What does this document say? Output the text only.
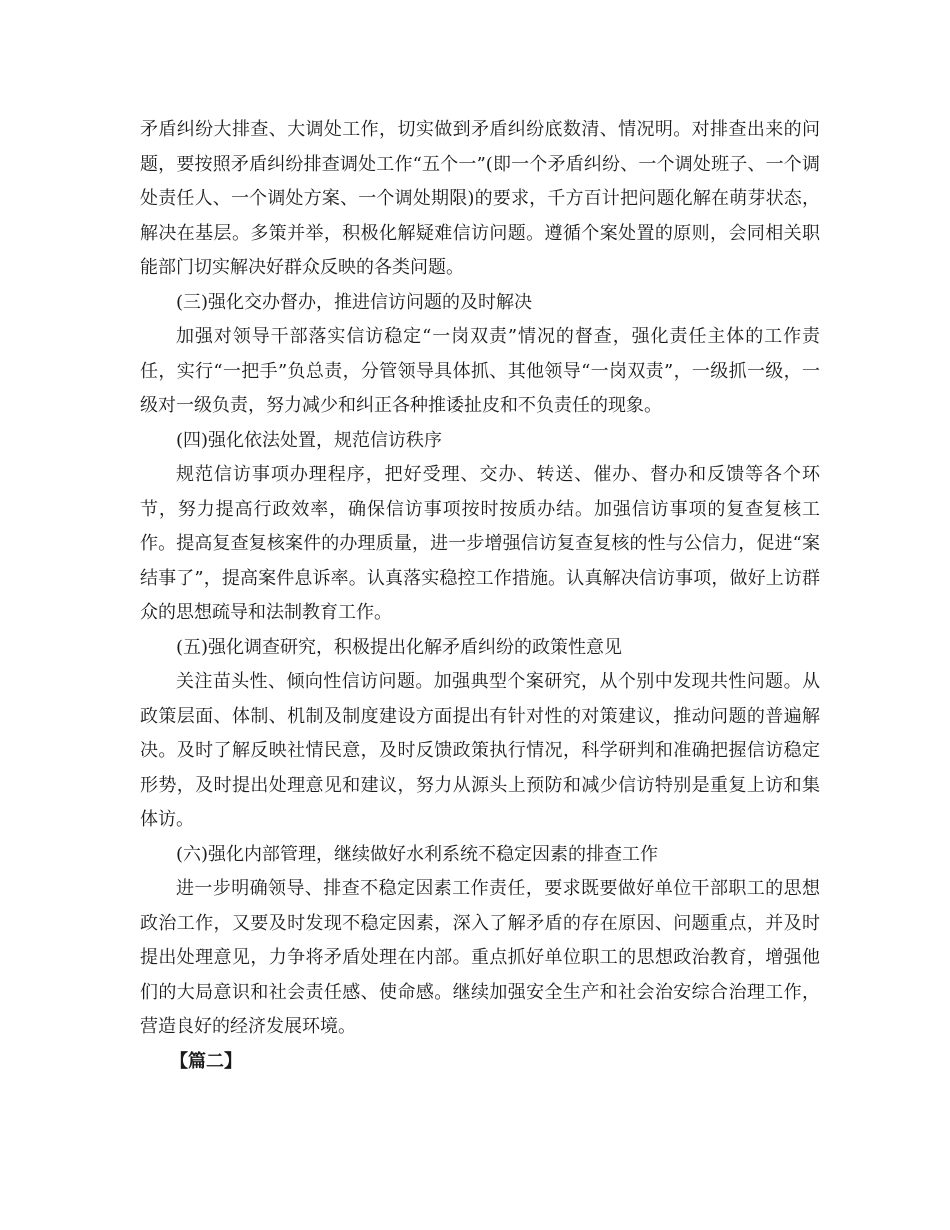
矛盾纠纷大排查、大调处工作，切实做到矛盾纠纷底数清、情况明。对排查出来的问题，要按照矛盾纠纷排查调处工作“五个一”(即一个矛盾纠纷、一个调处班子、一个调处责任人、一个调处方案、一个调处期限)的要求，千方百计把问题化解在萌芽状态，解决在基层。多策并举，积极化解疑难信访问题。遵循个案处置的原则，会同相关职能部门切实解决好群众反映的各类问题。

(三)强化交办督办，推进信访问题的及时解决

加强对领导干部落实信访稳定“一岗双责”情况的督查，强化责任主体的工作责任，实行“一把手”负总责，分管领导具体抓、其他领导“一岗双责”，一级抓一级，一级对一级负责，努力减少和纠正各种推诿扯皮和不负责任的现象。

(四)强化依法处置，规范信访秩序

规范信访事项办理程序，把好受理、交办、转送、催办、督办和反馈等各个环节，努力提高行政效率，确保信访事项按时按质办结。加强信访事项的复查复核工作。提高复查复核案件的办理质量，进一步增强信访复查复核的性与公信力，促进“案结事了”，提高案件息诉率。认真落实稳控工作措施。认真解决信访事项，做好上访群众的思想疏导和法制教育工作。

(五)强化调查研究，积极提出化解矛盾纠纷的政策性意见

关注苗头性、倾向性信访问题。加强典型个案研究，从个别中发现共性问题。从政策层面、体制、机制及制度建设方面提出有针对性的对策建议，推动问题的普遍解决。及时了解反映社情民意，及时反馈政策执行情况，科学研判和准确把握信访稳定形势，及时提出处理意见和建议，努力从源头上预防和减少信访特别是重复上访和集体访。

(六)强化内部管理，继续做好水利系统不稳定因素的排查工作

进一步明确领导、排查不稳定因素工作责任，要求既要做好单位干部职工的思想政治工作，又要及时发现不稳定因素，深入了解矛盾的存在原因、问题重点，并及时提出处理意见，力争将矛盾处理在内部。重点抓好单位职工的思想政治教育，增强他们的大局意识和社会责任感、使命感。继续加强安全生产和社会治安综合治理工作，营造良好的经济发展环境。

【篇二】
